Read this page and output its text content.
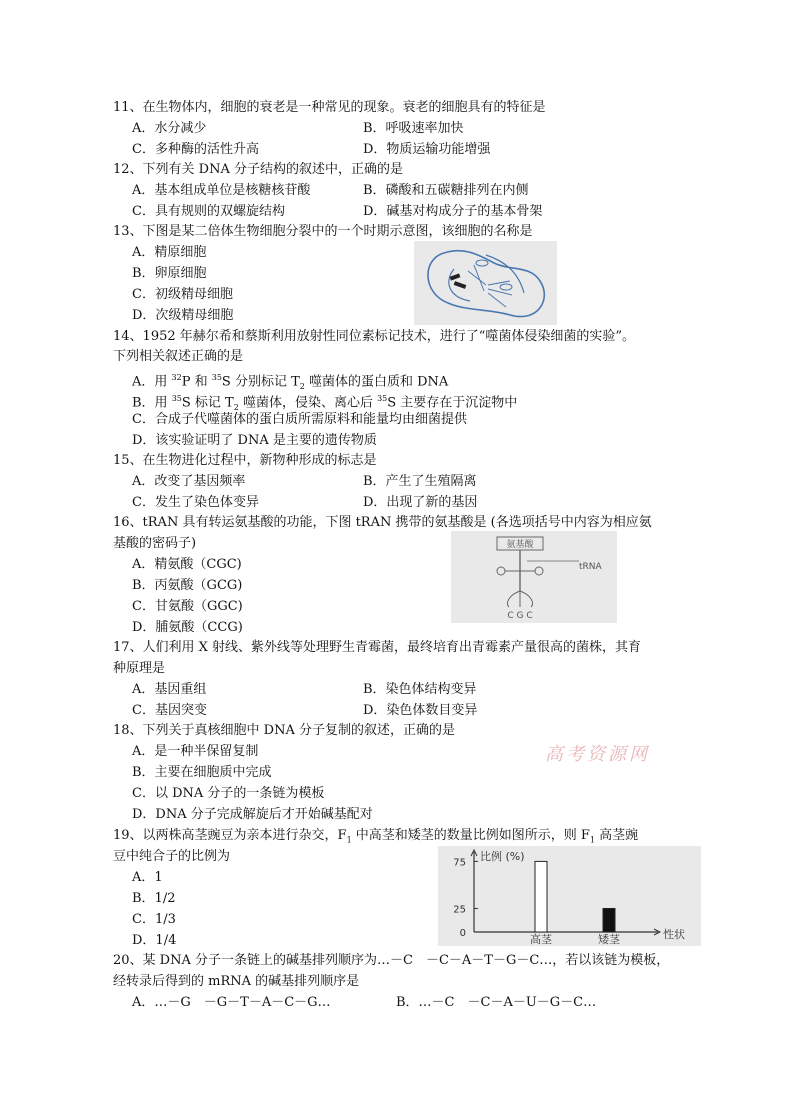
11、在生物体内，细胞的衰老是一种常见的现象。衰老的细胞具有的特征是
A．水分减少	B．呼吸速率加快
C．多种酶的活性升高	D．物质运输功能增强
12、下列有关 DNA 分子结构的叙述中，正确的是
A．基本组成单位是核糖核苷酸	B．磷酸和五碳糖排列在内侧
C．具有规则的双螺旋结构	D．碱基对构成分子的基本骨架
13、下图是某二倍体生物细胞分裂中的一个时期示意图，该细胞的名称是
A．精原细胞
B．卵原细胞
C．初级精母细胞
D．次级精母细胞
14、1952 年赫尔希和蔡斯利用放射性同位素标记技术，进行了“噬菌体侵染细菌的实验”。
下列相关叙述正确的是
A．用 $^{32}$P 和 $^{35}$S 分别标记 $T_2$ 噬菌体的蛋白质和 DNA
B．用 $^{35}$S 标记 $T_2$ 噬菌体，侵染、离心后 $^{35}$S 主要存在于沉淀物中
C．合成子代噬菌体的蛋白质所需原料和能量均由细菌提供
D．该实验证明了 DNA 是主要的遗传物质
15、在生物进化过程中，新物种形成的标志是
A．改变了基因频率	B．产生了生殖隔离
C．发生了染色体变异	D．出现了新的基因
16、tRAN 具有转运氨基酸的功能，下图 tRAN 携带的氨基酸是 (各选项括号中内容为相应氨
基酸的密码子)
A．精氨酸（CGC)
B．丙氨酸（GCG)
C．甘氨酸（GGC)
D．脯氨酸（CCG)
氨基酸
tRNA
C G C
17、人们利用 X 射线、紫外线等处理野生青霉菌，最终培育出青霉素产量很高的菌株，其育
种原理是
A．基因重组	B．染色体结构变异
C．基因突变	D．染色体数目变异
18、下列关于真核细胞中 DNA 分子复制的叙述，正确的是
A．是一种半保留复制
B．主要在细胞质中完成
C．以 DNA 分子的一条链为模板
D．DNA 分子完成解旋后才开始碱基配对
高考资源网
19、以两株高茎豌豆为亲本进行杂交，$F_1$ 中高茎和矮茎的数量比例如图所示，则 $F_1$ 高茎豌
豆中纯合子的比例为
A．1
B．1/2
C．1/3
D．1/4
比例 (%)
性状
0
25
75
高茎	矮茎
20、某 DNA 分子一条链上的碱基排列顺序为…－C　－C－A－T－G－C…，若以该链为模板，
经转录后得到的 mRNA 的碱基排列顺序是
A．…－G　－G－T－A－C－G…	B．…－C　－C－A－U－G－C…
